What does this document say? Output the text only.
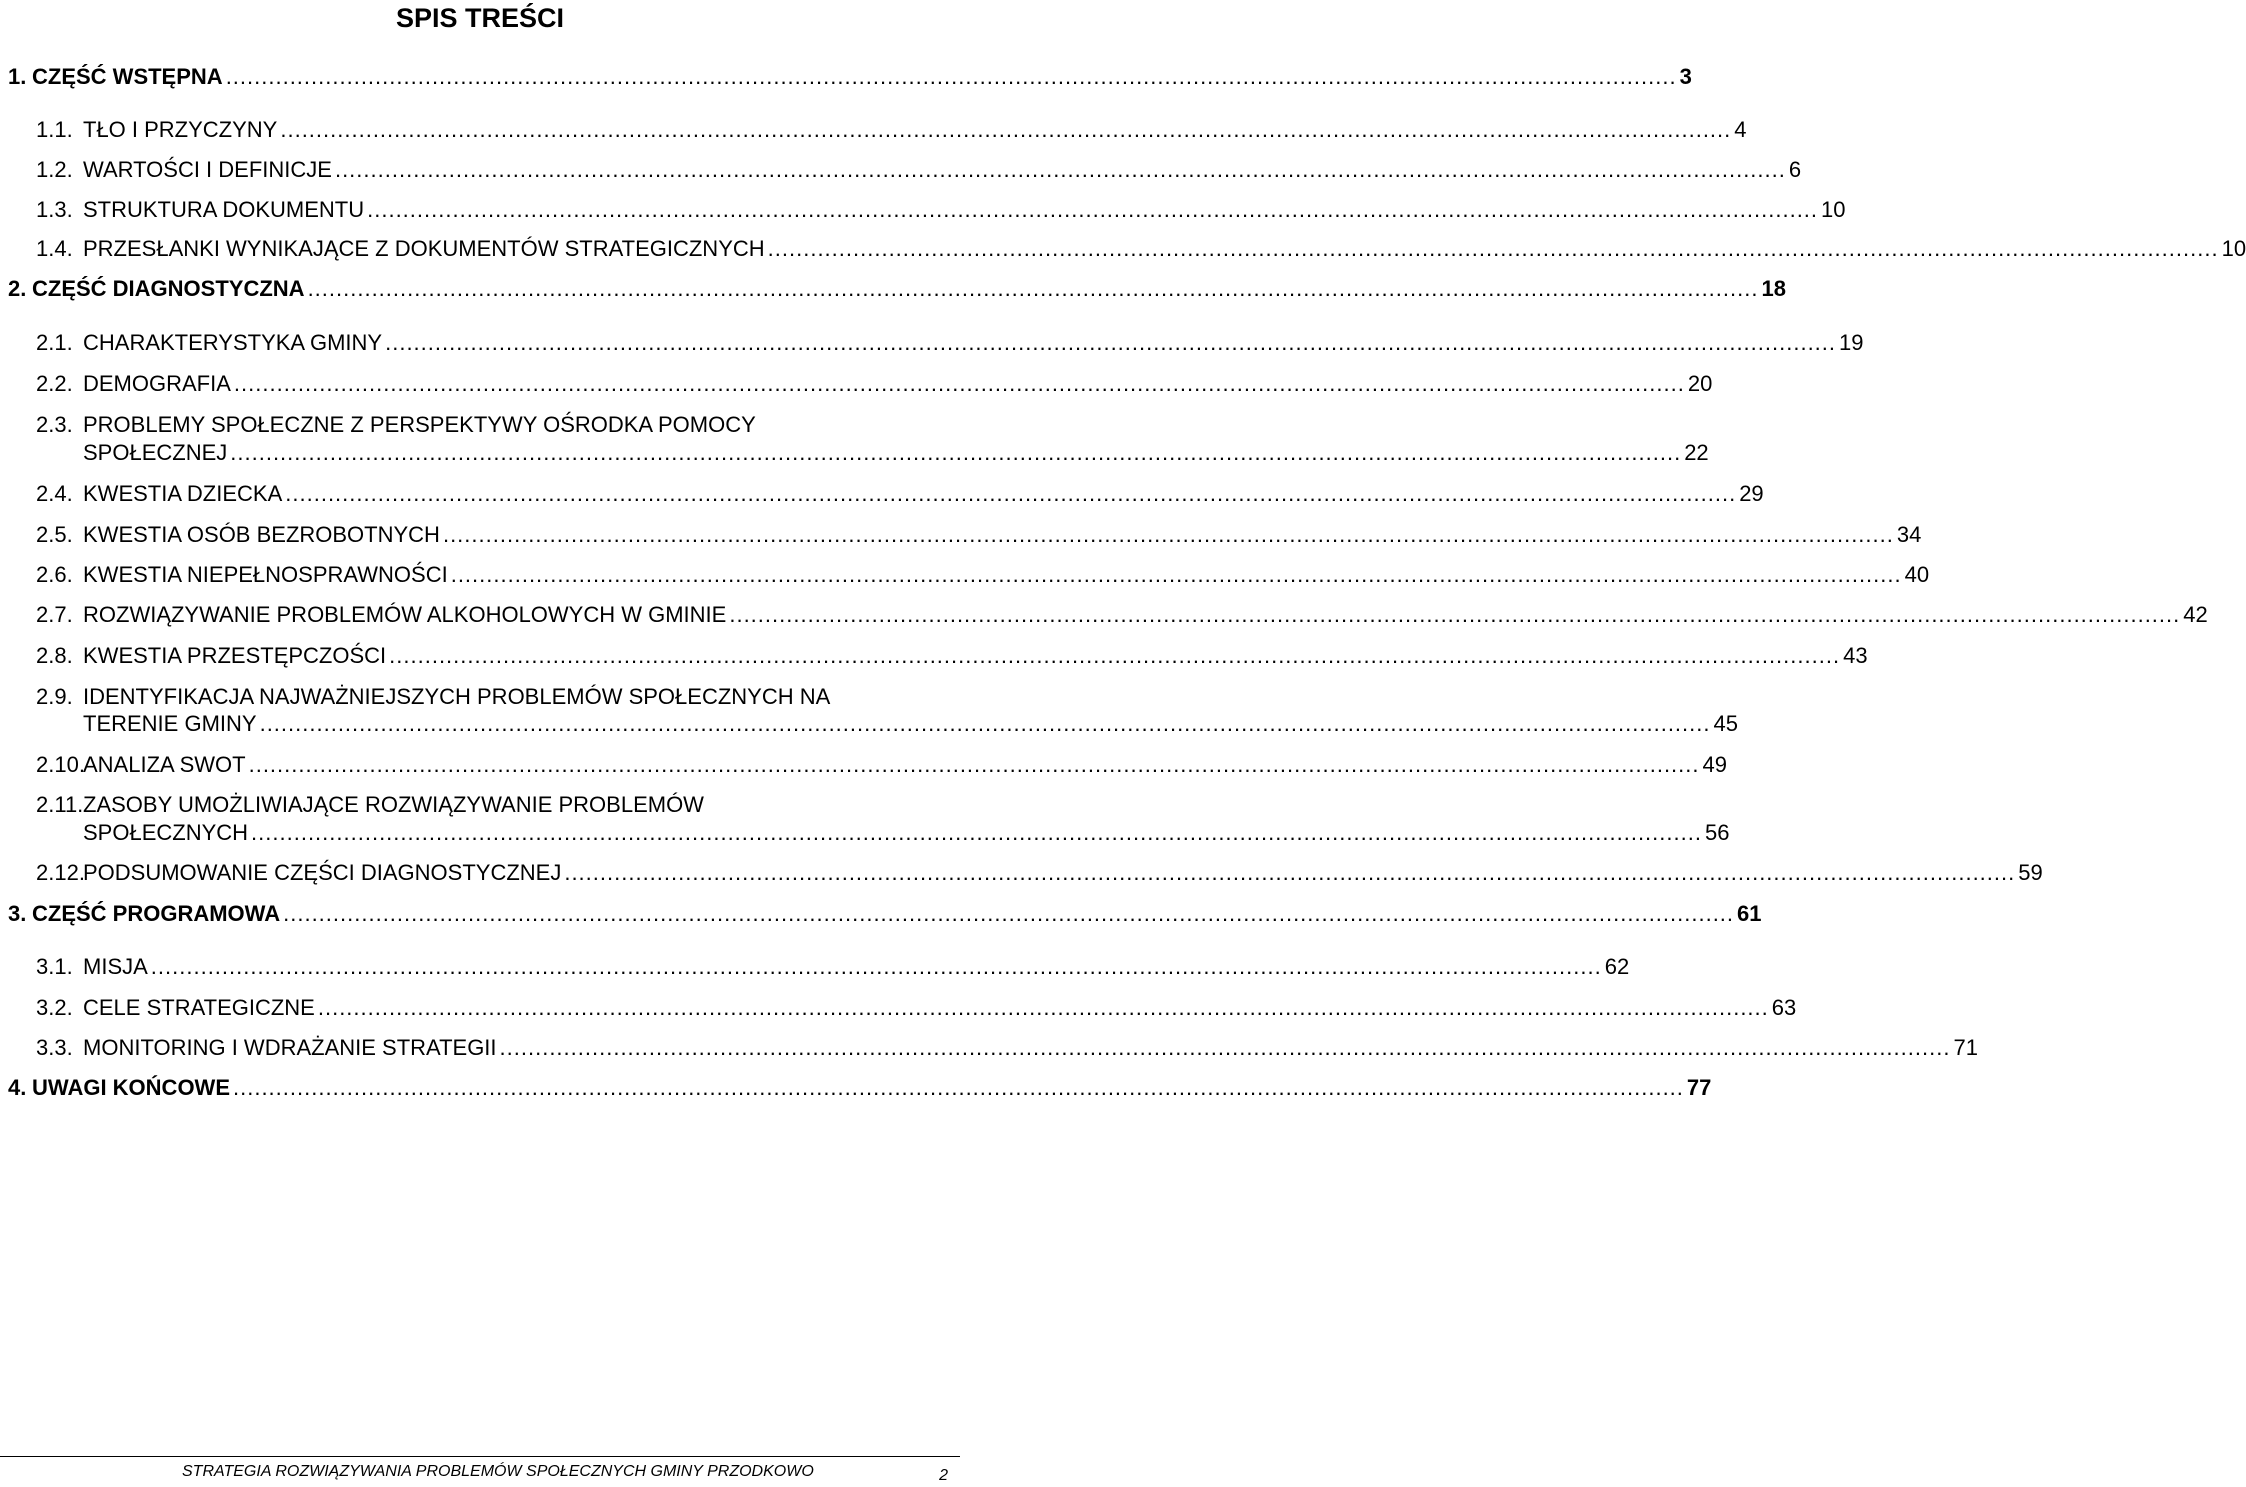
SPIS TREŚCI
1. CZĘŚĆ WSTĘPNA ............................................................................................................................................................................................................ 3
1.1. TŁO I PRZYCZYNY ............................................................................................................................................................................................................ 4
1.2. WARTOŚCI I DEFINICJE ............................................................................................................................................................................................................ 6
1.3. STRUKTURA DOKUMENTU ............................................................................................................................................................................................................ 10
1.4. PRZESŁANKI WYNIKAJĄCE Z DOKUMENTÓW STRATEGICZNYCH ............................................................................................................................................................................................................ 10
2. CZĘŚĆ DIAGNOSTYCZNA ............................................................................................................................................................................................................ 18
2.1. CHARAKTERYSTYKA GMINY ............................................................................................................................................................................................................ 19
2.2. DEMOGRAFIA ............................................................................................................................................................................................................ 20
2.3. PROBLEMY SPOŁECZNE Z PERSPEKTYWY OŚRODKA POMOCY
SPOŁECZNEJ ............................................................................................................................................................................................................ 22
2.4. KWESTIA DZIECKA ............................................................................................................................................................................................................ 29
2.5. KWESTIA OSÓB BEZROBOTNYCH ............................................................................................................................................................................................................ 34
2.6. KWESTIA NIEPEŁNOSPRAWNOŚCI ............................................................................................................................................................................................................ 40
2.7. ROZWIĄZYWANIE PROBLEMÓW ALKOHOLOWYCH W GMINIE ............................................................................................................................................................................................................ 42
2.8. KWESTIA PRZESTĘPCZOŚCI ............................................................................................................................................................................................................ 43
2.9. IDENTYFIKACJA NAJWAŻNIEJSZYCH PROBLEMÓW SPOŁECZNYCH NA
TERENIE GMINY ............................................................................................................................................................................................................ 45
2.10.
ANALIZA SWOT ............................................................................................................................................................................................................ 49
2.11.ZASOBY UMOŻLIWIAJĄCE ROZWIĄZYWANIE PROBLEMÓW
SPOŁECZNYCH ............................................................................................................................................................................................................ 56
2.12.
PODSUMOWANIE CZĘŚCI DIAGNOSTYCZNEJ ............................................................................................................................................................................................................ 59
3. CZĘŚĆ PROGRAMOWA ............................................................................................................................................................................................................ 61
3.1. MISJA ............................................................................................................................................................................................................ 62
3.2. CELE STRATEGICZNE ............................................................................................................................................................................................................ 63
3.3. MONITORING I WDRAŻANIE STRATEGII ............................................................................................................................................................................................................ 71
4. UWAGI KOŃCOWE ............................................................................................................................................................................................................ 77
STRATEGIA ROZWIĄZYWANIA PROBLEMÓW SPOŁECZNYCH GMINY PRZODKOWO	2
